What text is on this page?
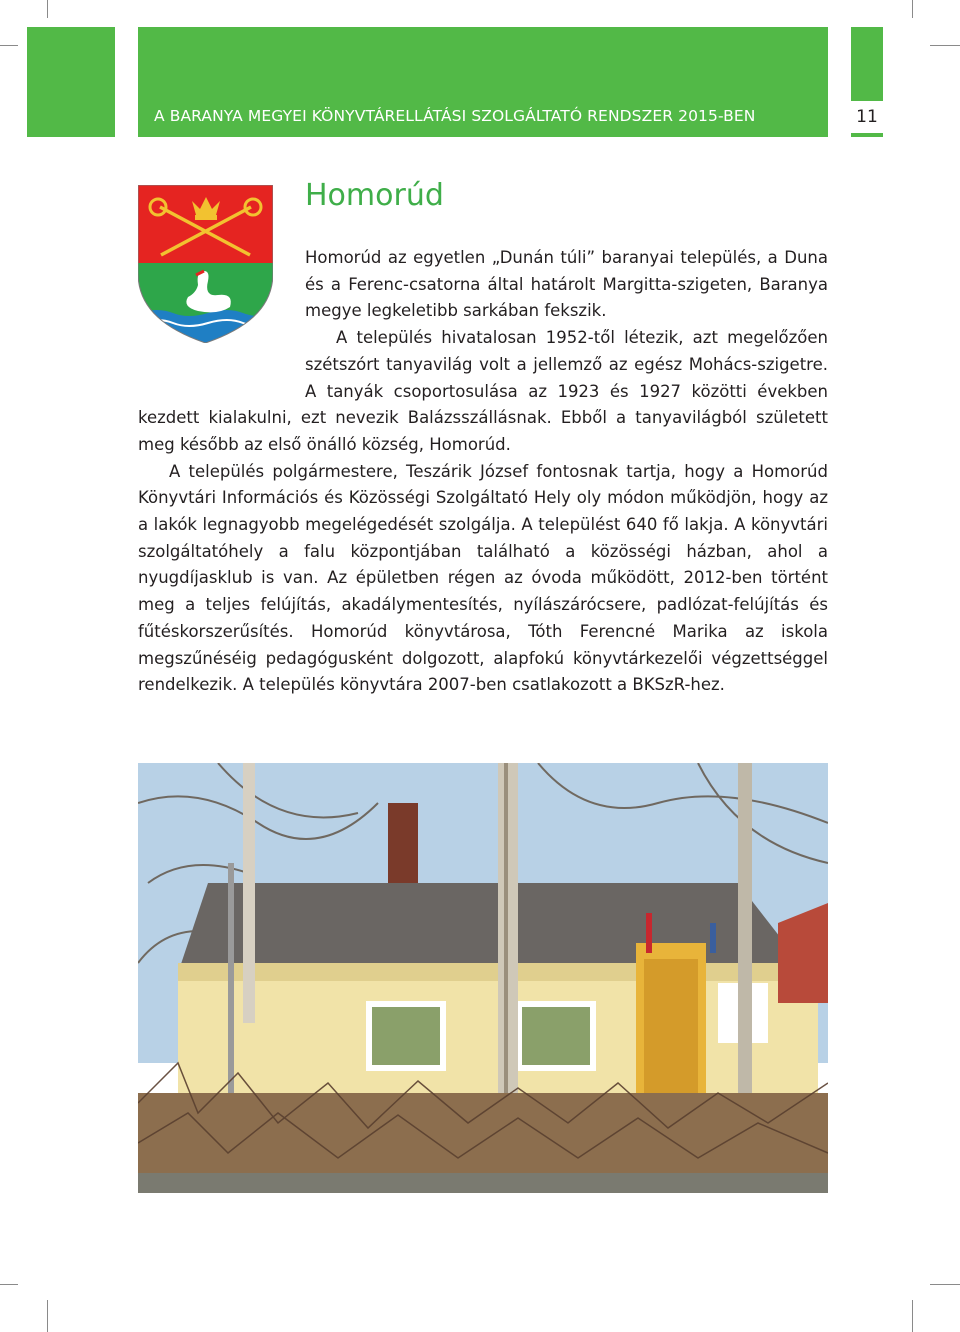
A BARANYA MEGYEI KÖNYVTÁRELLÁTÁSI SZOLGÁLTATÓ RENDSZER 2015-BEN	11
Homorúd

Homorúd az egyetlen „Dunán túli” baranyai település, a Duna és a Ferenc-csatorna által határolt Margitta-szigeten, Baranya megye legkeletibb sarkában fekszik.

A település hivatalosan 1952-től létezik, azt megelőzően szétszórt tanyavilág volt a jellemző az egész Mohács-szigetre. A tanyák csoportosulása az 1923 és 1927 közötti években kezdett kialakulni, ezt nevezik Balázsszállásnak. Ebből a tanyavilágból született meg később az első önálló község, Homorúd.

A település polgármestere, Teszárik József fontosnak tartja, hogy a Homorúd Könyvtári Információs és Közösségi Szolgáltató Hely oly módon működjön, hogy az a lakók legnagyobb megelégedését szolgálja. A települést 640 fő lakja. A könyvtári szolgáltatóhely a falu központjában található a közösségi házban, ahol a nyugdíjasklub is van. Az épületben régen az óvoda működött, 2012-ben történt meg a teljes felújítás, akadálymentesítés, nyílászárócsere, padlózat-felújítás és fűtéskorszerűsítés. Homorúd könyvtárosa, Tóth Ferencné Marika az iskola megszűnéséig pedagógusként dolgozott, alapfokú könyvtárkezelői végzettséggel rendelkezik. A település könyvtára 2007-ben csatlakozott a BKSzR-hez.
